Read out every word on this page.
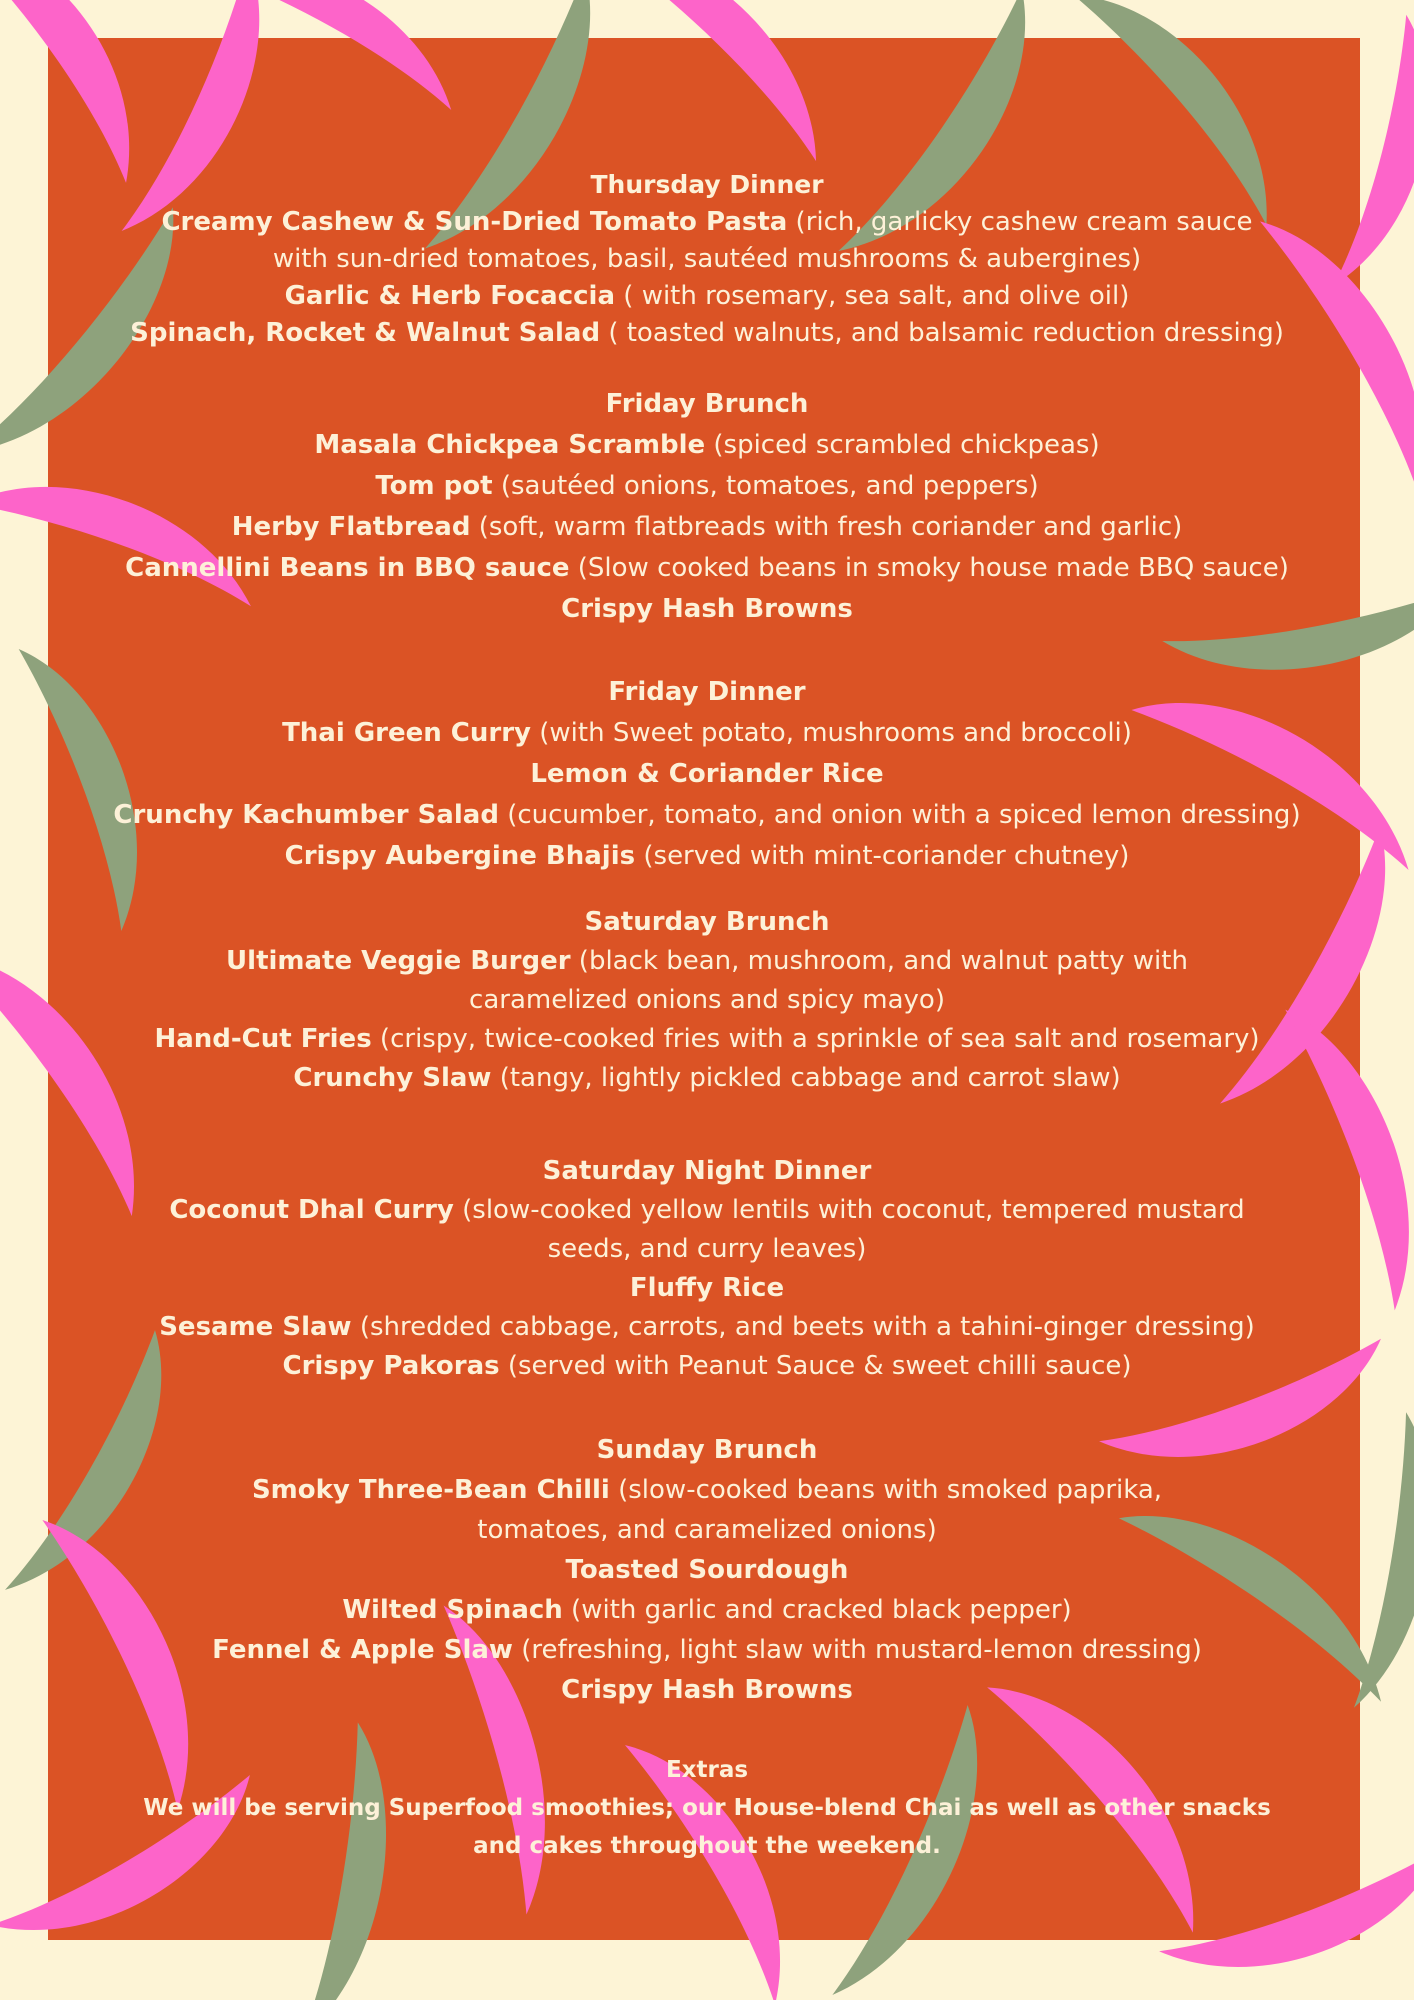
Thursday Dinner

Creamy Cashew & Sun-Dried Tomato Pasta (rich, garlicky cashew cream sauce

with sun-dried tomatoes, basil, sautéed mushrooms & aubergines)

Garlic & Herb Focaccia ( with rosemary, sea salt, and olive oil)

Spinach, Rocket & Walnut Salad ( toasted walnuts, and balsamic reduction dressing)

Friday Brunch

Masala Chickpea Scramble (spiced scrambled chickpeas)

Tom pot (sautéed onions, tomatoes, and peppers)

Herby Flatbread (soft, warm flatbreads with fresh coriander and garlic)

Cannellini Beans in BBQ sauce (Slow cooked beans in smoky house made BBQ sauce)

Crispy Hash Browns

Friday Dinner

Thai Green Curry (with Sweet potato, mushrooms and broccoli)

Lemon & Coriander Rice

Crunchy Kachumber Salad (cucumber, tomato, and onion with a spiced lemon dressing)

Crispy Aubergine Bhajis (served with mint-coriander chutney)

Saturday Brunch

Ultimate Veggie Burger (black bean, mushroom, and walnut patty with

caramelized onions and spicy mayo)

Hand-Cut Fries (crispy, twice-cooked fries with a sprinkle of sea salt and rosemary)

Crunchy Slaw (tangy, lightly pickled cabbage and carrot slaw)

Saturday Night Dinner

Coconut Dhal Curry (slow-cooked yellow lentils with coconut, tempered mustard

seeds, and curry leaves)

Fluffy Rice

Sesame Slaw (shredded cabbage, carrots, and beets with a tahini-ginger dressing)

Crispy Pakoras (served with Peanut Sauce & sweet chilli sauce)

Sunday Brunch

Smoky Three-Bean Chilli (slow-cooked beans with smoked paprika,

tomatoes, and caramelized onions)

Toasted Sourdough

Wilted Spinach (with garlic and cracked black pepper)

Fennel & Apple Slaw (refreshing, light slaw with mustard-lemon dressing)

Crispy Hash Browns

Extras

We will be serving Superfood smoothies; our House-blend Chai as well as other snacks

and cakes throughout the weekend.
